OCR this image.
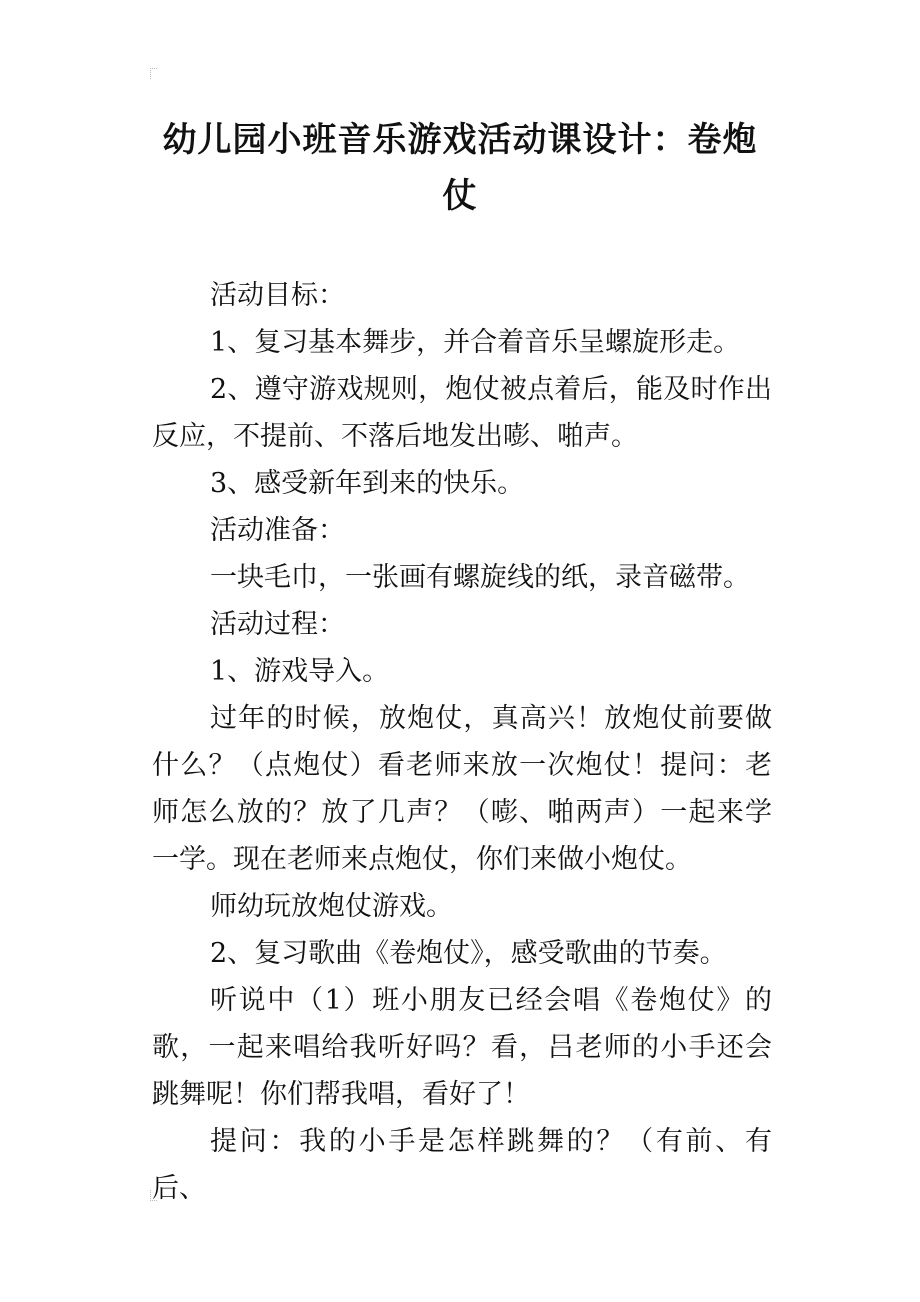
幼儿园小班音乐游戏活动课设计：卷炮仗

活动目标：

1、复习基本舞步，并合着音乐呈螺旋形走。

2、遵守游戏规则，炮仗被点着后，能及时作出反应，不提前、不落后地发出嘭、啪声。

3、感受新年到来的快乐。

活动准备：

一块毛巾，一张画有螺旋线的纸，录音磁带。

活动过程：

1、游戏导入。

过年的时候，放炮仗，真高兴！放炮仗前要做什么？（点炮仗）看老师来放一次炮仗！提问：老师怎么放的？放了几声？（嘭、啪两声）一起来学一学。现在老师来点炮仗，你们来做小炮仗。

师幼玩放炮仗游戏。

2、复习歌曲《卷炮仗》，感受歌曲的节奏。

听说中（1）班小朋友已经会唱《卷炮仗》的歌，一起来唱给我听好吗？看，吕老师的小手还会跳舞呢！你们帮我唱，看好了！

提问：我的小手是怎样跳舞的？（有前、有后、
